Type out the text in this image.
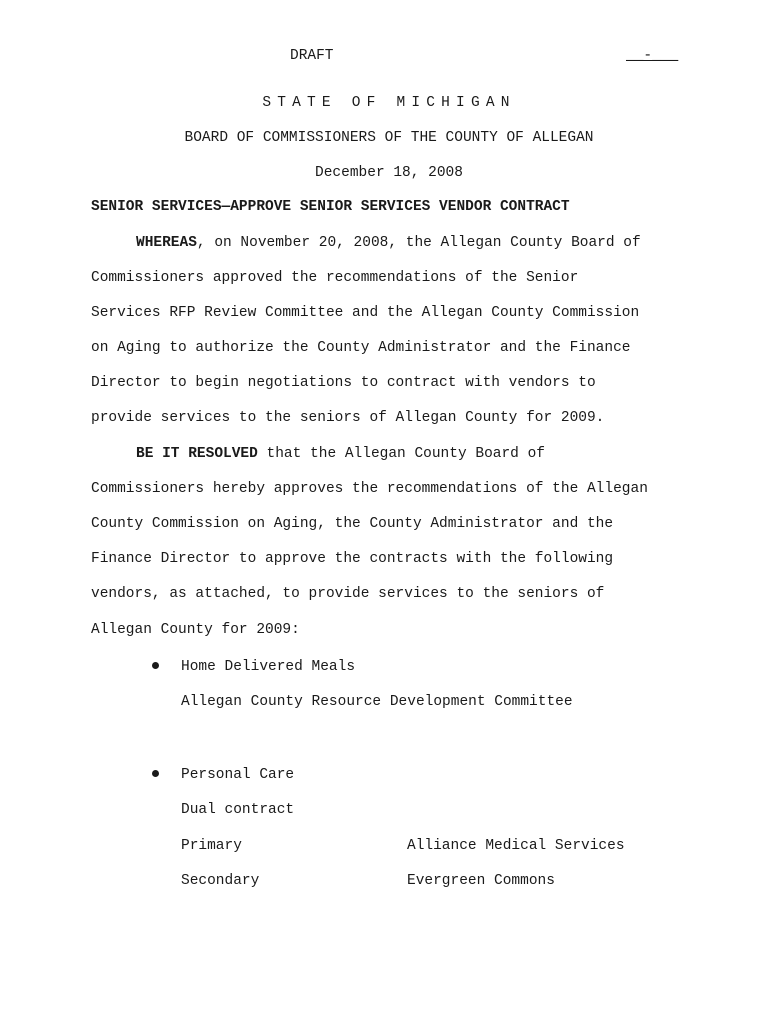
DRAFT	__-___
STATE OF MICHIGAN
BOARD OF COMMISSIONERS OF THE COUNTY OF ALLEGAN
December 18, 2008
SENIOR SERVICES—APPROVE SENIOR SERVICES VENDOR CONTRACT
WHEREAS, on November 20, 2008, the Allegan County Board of
Commissioners approved the recommendations of the Senior
Services RFP Review Committee and the Allegan County Commission
on Aging to authorize the County Administrator and the Finance
Director to begin negotiations to contract with vendors to
provide services to the seniors of Allegan County for 2009.
BE IT RESOLVED that the Allegan County Board of
Commissioners hereby approves the recommendations of the Allegan
County Commission on Aging, the County Administrator and the
Finance Director to approve the contracts with the following
vendors, as attached, to provide services to the seniors of
Allegan County for 2009:
Home Delivered Meals
Allegan County Resource Development Committee
Personal Care
Dual contract
Primary	Alliance Medical Services
Secondary	Evergreen Commons
